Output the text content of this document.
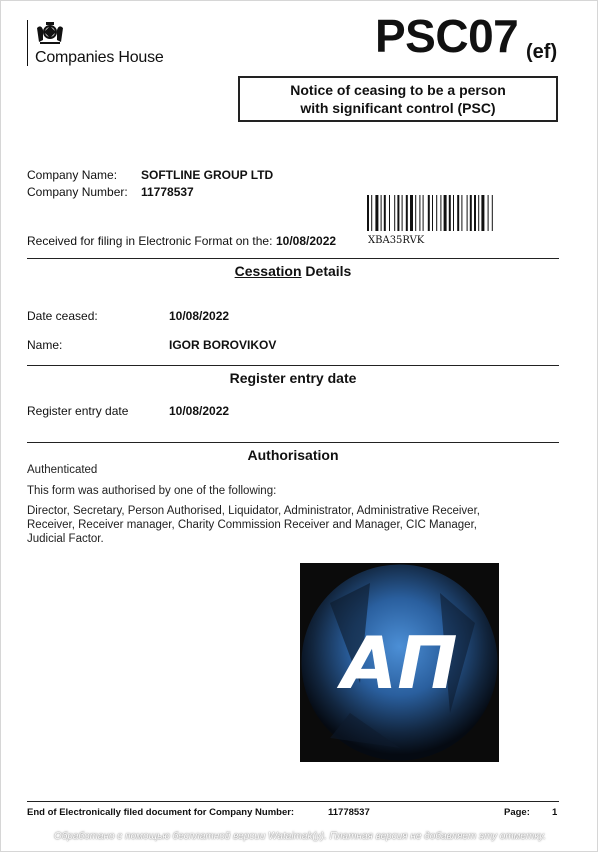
Companies House	PSC07 (ef)
Notice of ceasing to be a person
with significant control (PSC)
Company Name: SOFTLINE GROUP LTD
Company Number: 11778537
XBA35RVK
Received for filing in Electronic Format on the: 10/08/2022
Cessation Details
Date ceased:	10/08/2022
Name:	IGOR BOROVIKOV
Register entry date
Register entry date	10/08/2022
Authorisation
Authenticated
This form was authorised by one of the following:
Director, Secretary, Person Authorised, Liquidator, Administrator, Administrative Receiver,
Receiver, Receiver manager, Charity Commission Receiver and Manager, CIC Manager,
Judicial Factor.
АП
End of Electronically filed document for Company Number:	11778537	Page: 1
Обработано с помощью бесплатной версии Wataimak(y). Платная версия не добавляет эту отметку.
